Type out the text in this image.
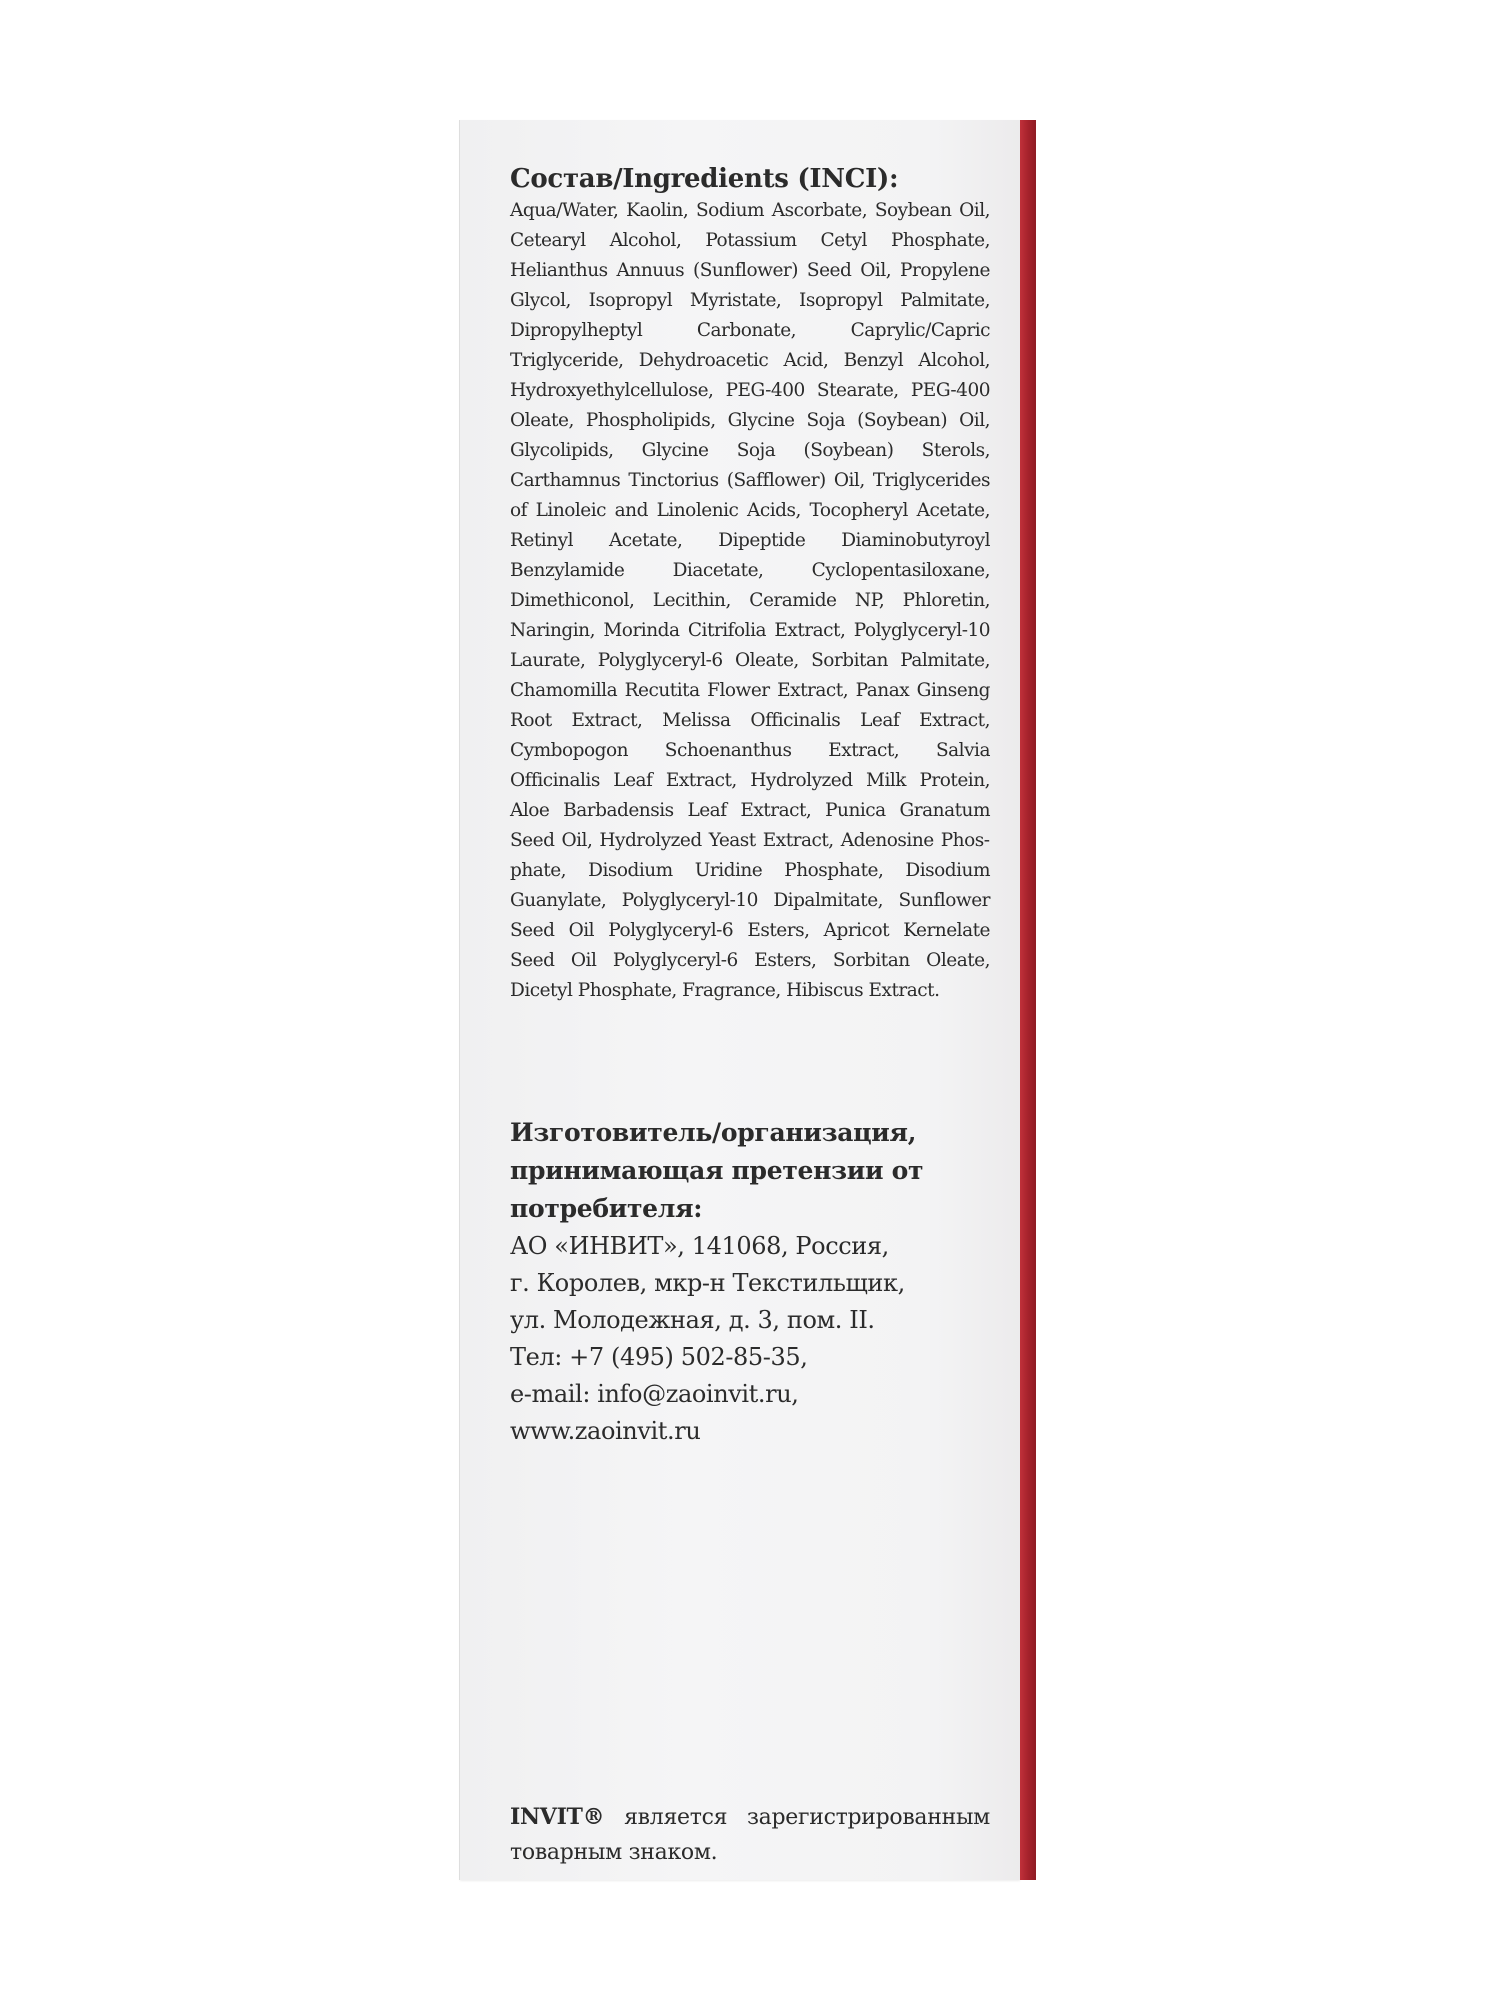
Состав/Ingredients (INCI):

Aqua/Water, Kaolin, Sodium Ascorbate, Soybean Oil, Cetearyl Alcohol, Potassium Cetyl Phosphate, Helianthus Annuus (Sunflower) Seed Oil, Propylene Glycol, Isopropyl Myristate, Isopropyl Palmitate, Dipropylheptyl Carbonate, Caprylic/Capric Triglyceride, Dehydroacetic Acid, Benzyl Alcohol, Hydroxyethylcellulose, PEG-400 Stearate, PEG-400 Oleate, Phospholipids, Glycine Soja (Soybean) Oil, Glycolipids, Glycine Soja (Soybean) Sterols, Carthamnus Tinctorius (Safflower) Oil, Triglycerides of Linoleic and Linolenic Acids, Tocopheryl Acetate, Retinyl Acetate, Dipeptide Diaminobutyroyl Benzylamide Diacetate, Cyclopentasiloxane, Dimethiconol, Lecithin, Ceramide NP, Phloretin, Naringin, Morinda Citrifolia Extract, Polyglyceryl-10 Laurate, Polyglyceryl-6 Oleate, Sorbitan Palmitate, Chamomilla Recutita Flower Extract, Panax Ginseng Root Extract, Melissa Officinalis Leaf Extract, Cymbopogon Schoenanthus Extract, Salvia Officinalis Leaf Extract, Hydrolyzed Milk Protein, Aloe Barbadensis Leaf Extract, Punica Granatum Seed Oil, Hydrolyzed Yeast Extract, Adenosine Phosphate, Disodium Uridine Phosphate, Disodium Guanylate, Polyglyceryl-10 Dipalmitate, Sunflower Seed Oil Polyglyceryl-6 Esters, Apricot Kernelate Seed Oil Polyglyceryl-6 Esters, Sorbitan Oleate, Dicetyl Phosphate, Fragrance, Hibiscus Extract.

Изготовитель/организация,

принимающая претензии от

потребителя:

АО «ИНВИТ», 141068, Россия,

г. Королев, мкр-н Текстильщик,

ул. Молодежная, д. 3, пом. II.

Тел: +7 (495) 502-85-35,

e-mail: info@zaoinvit.ru,

www.zaoinvit.ru

INVIT® является зарегистрированным товарным знаком.
